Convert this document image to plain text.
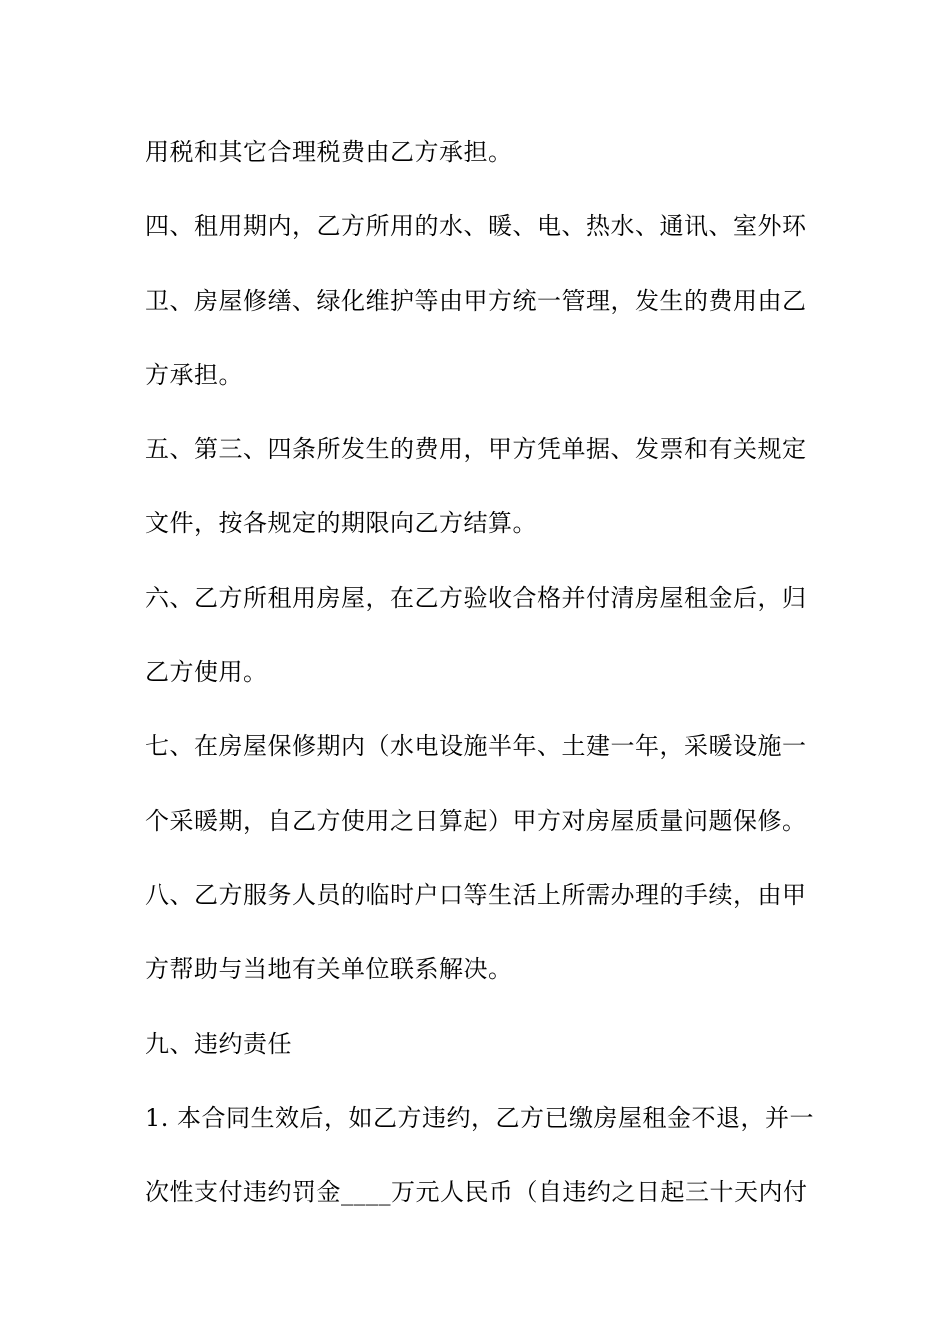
用税和其它合理税费由乙方承担。
四、租用期内，乙方所用的水、暖、电、热水、通讯、室外环
卫、房屋修缮、绿化维护等由甲方统一管理，发生的费用由乙
方承担。
五、第三、四条所发生的费用，甲方凭单据、发票和有关规定
文件，按各规定的期限向乙方结算。
六、乙方所租用房屋，在乙方验收合格并付清房屋租金后，归
乙方使用。
七、在房屋保修期内（水电设施半年、土建一年，采暖设施一
个采暖期，自乙方使用之日算起）甲方对房屋质量问题保修。
八、乙方服务人员的临时户口等生活上所需办理的手续，由甲
方帮助与当地有关单位联系解决。
九、违约责任
1. 本合同生效后，如乙方违约，乙方已缴房屋租金不退，并一
次性支付违约罚金____万元人民币（自违约之日起三十天内付
